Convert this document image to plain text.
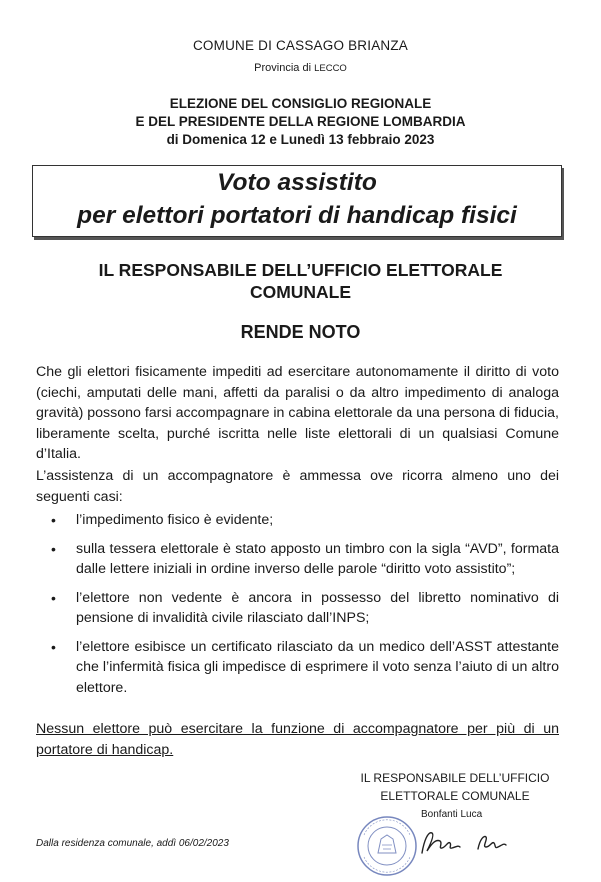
COMUNE DI CASSAGO BRIANZA
Provincia di LECCO
ELEZIONE DEL CONSIGLIO REGIONALE
E DEL PRESIDENTE DELLA REGIONE LOMBARDIA
di Domenica 12 e Lunedì 13 febbraio 2023
Voto assistito
per elettori portatori di handicap fisici
IL RESPONSABILE DELL’UFFICIO ELETTORALE
COMUNALE
RENDE NOTO
Che gli elettori fisicamente impediti ad esercitare autonomamente il diritto di voto (ciechi, amputati delle mani, affetti da paralisi o da altro impedimento di analoga gravità) possono farsi accompagnare in cabina elettorale da una persona di fiducia, liberamente scelta, purché iscritta nelle liste elettorali di un qualsiasi Comune d’Italia.
L’assistenza di un accompagnatore è ammessa ove ricorra almeno uno dei seguenti casi:
• l’impedimento fisico è evidente;
• sulla tessera elettorale è stato apposto un timbro con la sigla “AVD”, formata dalle lettere iniziali in ordine inverso delle parole “diritto voto assistito”;
• l’elettore non vedente è ancora in possesso del libretto nominativo di pensione di invalidità civile rilasciato dall’INPS;
• l’elettore esibisce un certificato rilasciato da un medico dell’ASST attestante che l’infermità fisica gli impedisce di esprimere il voto senza l’aiuto di un altro elettore.
Nessun elettore può esercitare la funzione di accompagnatore per più di un portatore di handicap.
IL RESPONSABILE DELL’UFFICIO
ELETTORALE COMUNALE
Bonfanti Luca
Dalla residenza comunale, addì 06/02/2023
